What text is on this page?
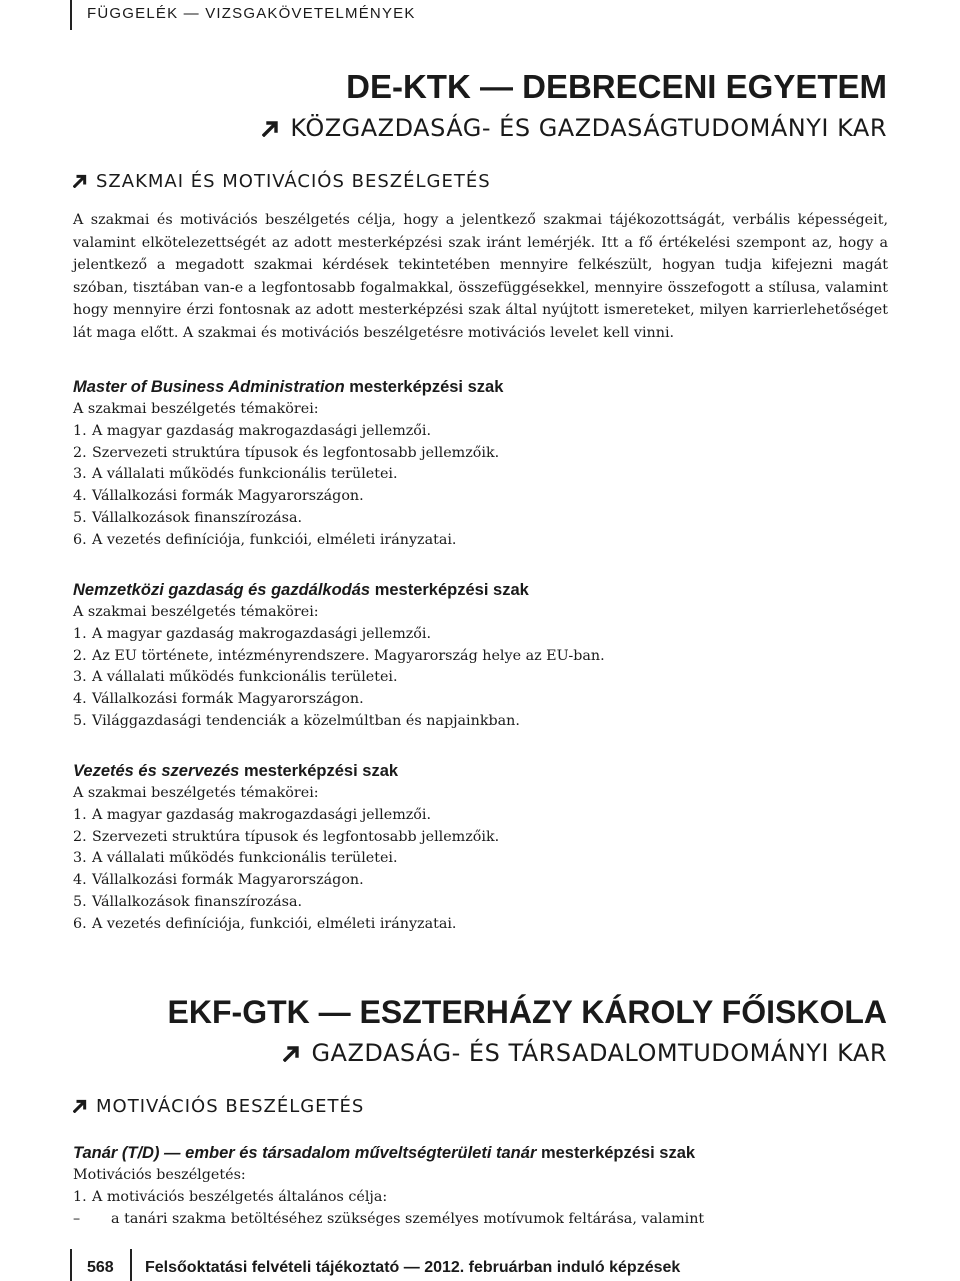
FÜGGELÉK — VIZSGAKÖVETELMÉNYEK
DE-KTK — DEBRECENI EGYETEM
KÖZGAZDASÁG- ÉS GAZDASÁGTUDOMÁNYI KAR
SZAKMAI ÉS MOTIVÁCIÓS BESZÉLGETÉS
A szakmai és motivációs beszélgetés célja, hogy a jelentkező szakmai tájékozottságát, verbális képességeit, valamint elkötelezettségét az adott mesterképzési szak iránt lemérjék. Itt a fő értékelési szempont az, hogy a jelentkező a megadott szakmai kérdések tekintetében mennyire felkészült, hogyan tudja kifejezni magát szóban, tisztában van-e a legfontosabb fogalmakkal, összefüggésekkel, mennyire összefogott a stílusa, valamint hogy mennyire érzi fontosnak az adott mesterképzési szak által nyújtott ismereteket, milyen karrierlehetőséget lát maga előtt. A szakmai és motivációs beszélgetésre motivációs levelet kell vinni.
Master of Business Administration mesterképzési szak
A szakmai beszélgetés témakörei:
1. A magyar gazdaság makrogazdasági jellemzői.
2. Szervezeti struktúra típusok és legfontosabb jellemzőik.
3. A vállalati működés funkcionális területei.
4. Vállalkozási formák Magyarországon.
5. Vállalkozások finanszírozása.
6. A vezetés definíciója, funkciói, elméleti irányzatai.
Nemzetközi gazdaság és gazdálkodás mesterképzési szak
A szakmai beszélgetés témakörei:
1. A magyar gazdaság makrogazdasági jellemzői.
2. Az EU története, intézményrendszere. Magyarország helye az EU-ban.
3. A vállalati működés funkcionális területei.
4. Vállalkozási formák Magyarországon.
5. Világgazdasági tendenciák a közelmúltban és napjainkban.
Vezetés és szervezés mesterképzési szak
A szakmai beszélgetés témakörei:
1. A magyar gazdaság makrogazdasági jellemzői.
2. Szervezeti struktúra típusok és legfontosabb jellemzőik.
3. A vállalati működés funkcionális területei.
4. Vállalkozási formák Magyarországon.
5. Vállalkozások finanszírozása.
6. A vezetés definíciója, funkciói, elméleti irányzatai.
EKF-GTK — ESZTERHÁZY KÁROLY FŐISKOLA
GAZDASÁG- ÉS TÁRSADALOMTUDOMÁNYI KAR
MOTIVÁCIÓS BESZÉLGETÉS
Tanár (T/D) — ember és társadalom műveltségterületi tanár mesterképzési szak
Motivációs beszélgetés:
1. A motivációs beszélgetés általános célja:
– a tanári szakma betöltéséhez szükséges személyes motívumok feltárása, valamint
568 Felsőoktatási felvételi tájékoztató — 2012. februárban induló képzések
